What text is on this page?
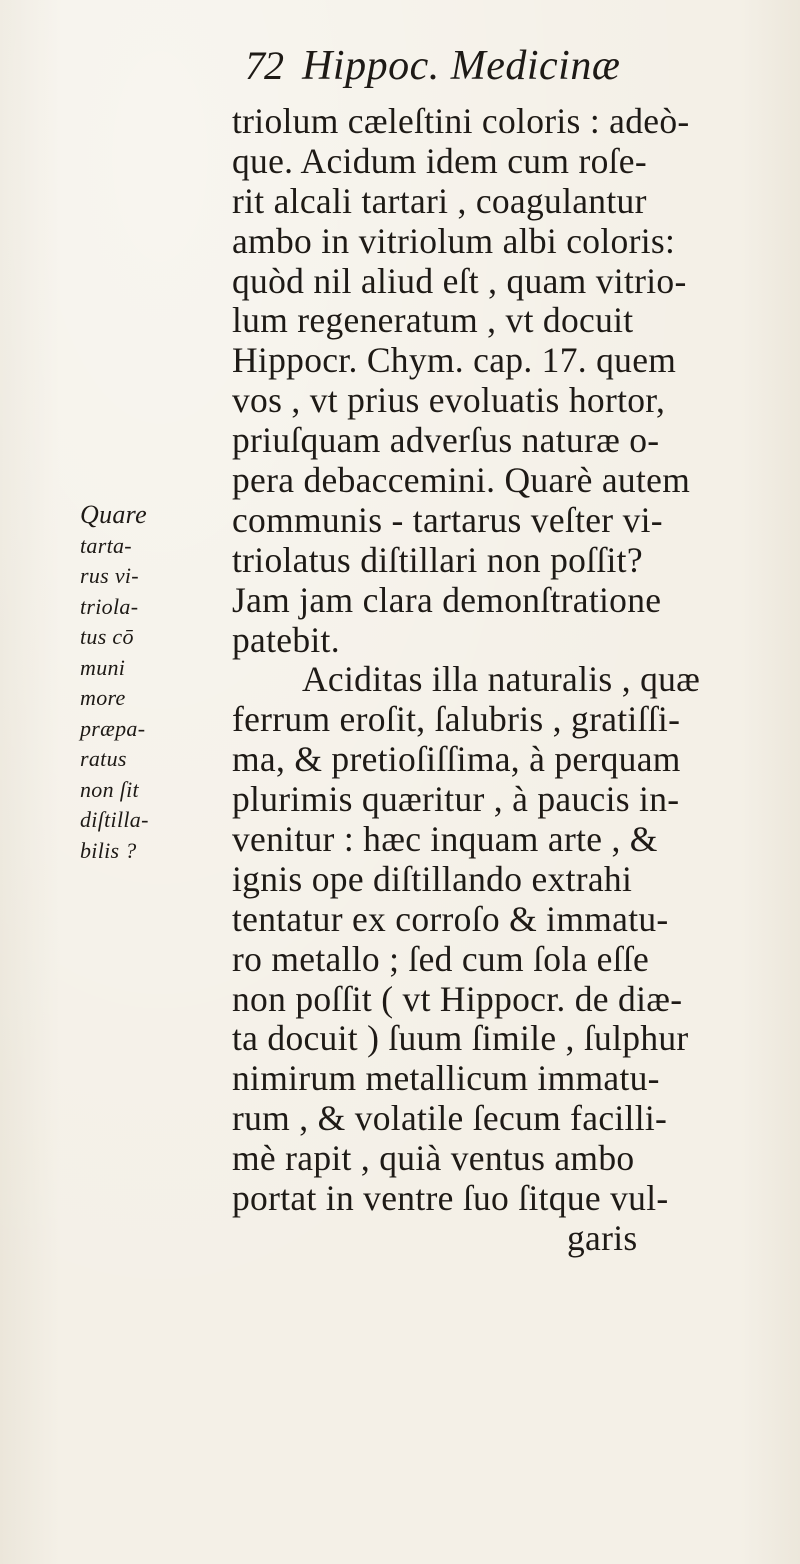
72 Hippoc. Medicinæ
triolum cæleſtini coloris : adeò-
que. Acidum idem cum roſe-
rit alcali tartari , coagulantur
ambo in vitriolum albi coloris:
quòd nil aliud eſt , quam vitrio-
lum regeneratum , vt docuit
Hippocr. Chym. cap. 17. quem
vos , vt prius evoluatis hortor,
priuſquam adverſus naturæ o-
pera debaccemini. Quarè autem
communis - tartarus veſter vi-
triolatus diſtillari non poſſit?
Jam jam clara demonſtratione
patebit.
Aciditas illa naturalis , quæ
ferrum eroſit, ſalubris , gratiſſi-
ma, & pretioſiſſima, à perquam
plurimis quæritur , à paucis in-
venitur : hæc inquam arte , &
ignis ope diſtillando extrahi
tentatur ex corroſo & immatu-
ro metallo ; ſed cum ſola eſſe
non poſſit ( vt Hippocr. de diæ-
ta docuit ) ſuum ſimile , ſulphur
nimirum metallicum immatu-
rum , & volatile ſecum facilli-
mè rapit , quià ventus ambo
portat in ventre ſuo ſitque vul-
garis
Quare
tarta-
rus vi-
triola-
tus cō
muni
more
præpa-
ratus
non ſit
diſtilla-
bilis ?
